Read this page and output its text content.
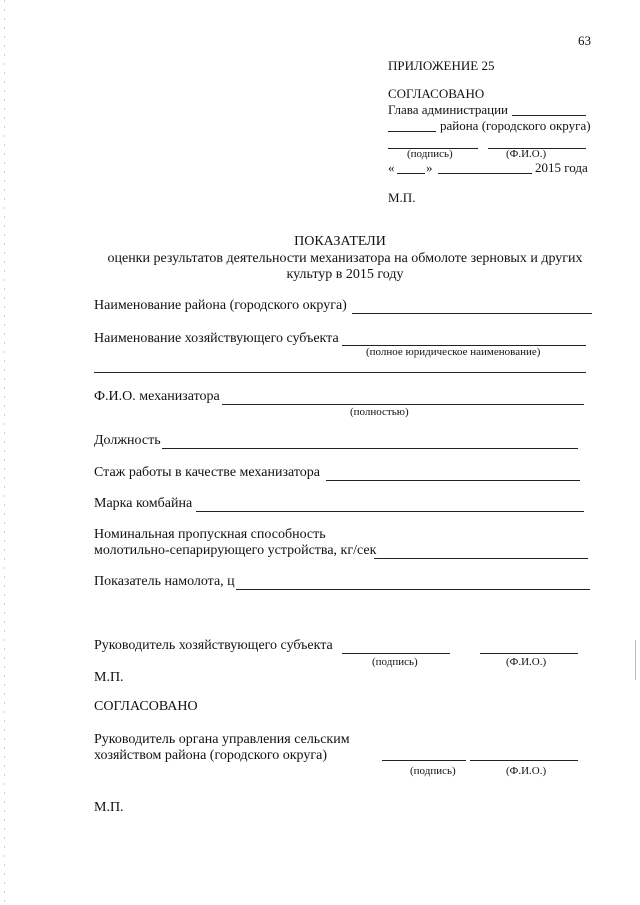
63
ПРИЛОЖЕНИЕ 25
СОГЛАСОВАНО
Глава администрации
района (городского округа)
(подпись)	(Ф.И.О.)
« »	2015 года
М.П.
ПОКАЗАТЕЛИ
оценки результатов деятельности механизатора на обмолоте зерновых и других
культур в 2015 году
Наименование района (городского округа)
Наименование хозяйствующего субъекта
(полное юридическое наименование)
Ф.И.О. механизатора
(полностью)
Должность
Стаж работы в качестве механизатора
Марка комбайна
Номинальная пропускная способность
молотильно-сепарирующего устройства, кг/сек
Показатель намолота, ц
Руководитель хозяйствующего субъекта
(подпись)	(Ф.И.О.)
М.П.
СОГЛАСОВАНО
Руководитель органа управления сельским
хозяйством района (городского округа)
(подпись)	(Ф.И.О.)
М.П.
